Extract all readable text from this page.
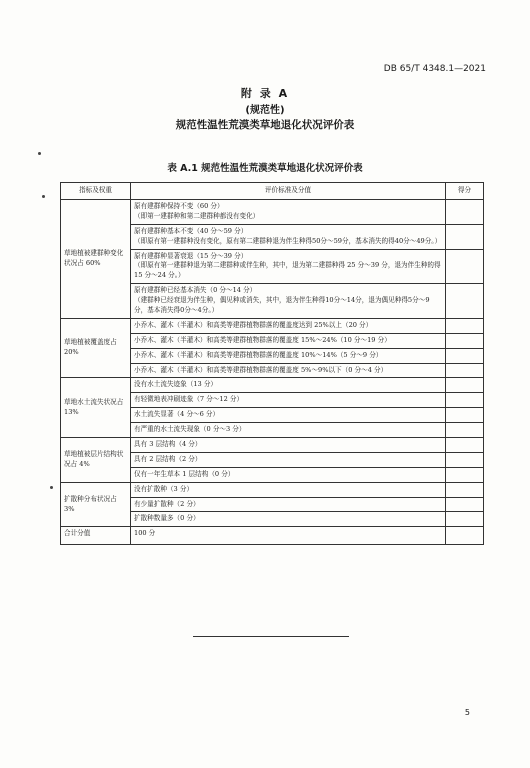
DB 65/T 4348.1—2021
附 录 A
(规范性)
规范性温性荒漠类草地退化状况评价表
表 A.1 规范性温性荒漠类草地退化状况评价表
指标及权重	评价标准及分值	得分
草地植被建群种变化状况占 60%	原有建群种保持不变（60 分）
（即第一建群种和第二建群种都没有变化）	

	原有建群种基本不变（40 分～59 分）
（即原有第一建群种没有变化，原有第二建群种退为伴生种得50分～59分，基本消失的得40分～49分。）	

	原有建群种显著衰退（15 分～39 分）
（即原有第一建群种退为第二建群种或伴生种，其中，退为第二建群种得 25 分～39 分，退为伴生种的得 15 分～24 分。）	

	原有建群种已经基本消失（0 分～14 分）
（建群种已经衰退为伴生种，偶见种或消失，其中，退为伴生种得10分～14分，退为偶见种得5分～9分，基本消失得0分～4分。）	

草地植被覆盖度占 20%	小乔木、灌木（半灌木）和高类等建群植物群落的覆盖度达到 25%以上（20 分）	

	小乔木、灌木（半灌木）和高类等建群植物群落的覆盖度 15%～24%（10 分～19 分）	

	小乔木、灌木（半灌木）和高类等建群植物群落的覆盖度 10%～14%（5 分～9 分）	

	小乔木、灌木（半灌木）和高类等建群植物群落的覆盖度 5%～9%以下（0 分～4 分）	

草地水土流失状况占 13%	没有水土流失迹象（13 分）	

	有轻微地表冲刷迹象（7 分～12 分）	

	水土流失显著（4 分～6 分）	

	有严重的水土流失现象（0 分～3 分）	

草地植被层片结构状况占 4%	具有 3 层结构（4 分）	

	具有 2 层结构（2 分）	

	仅有一年生草本 1 层结构（0 分）	

扩散种分布状况占 3%	没有扩散种（3 分）	

	有少量扩散种（2 分）	

	扩散种数量多（0 分）	

合计分值	100 分	
5
